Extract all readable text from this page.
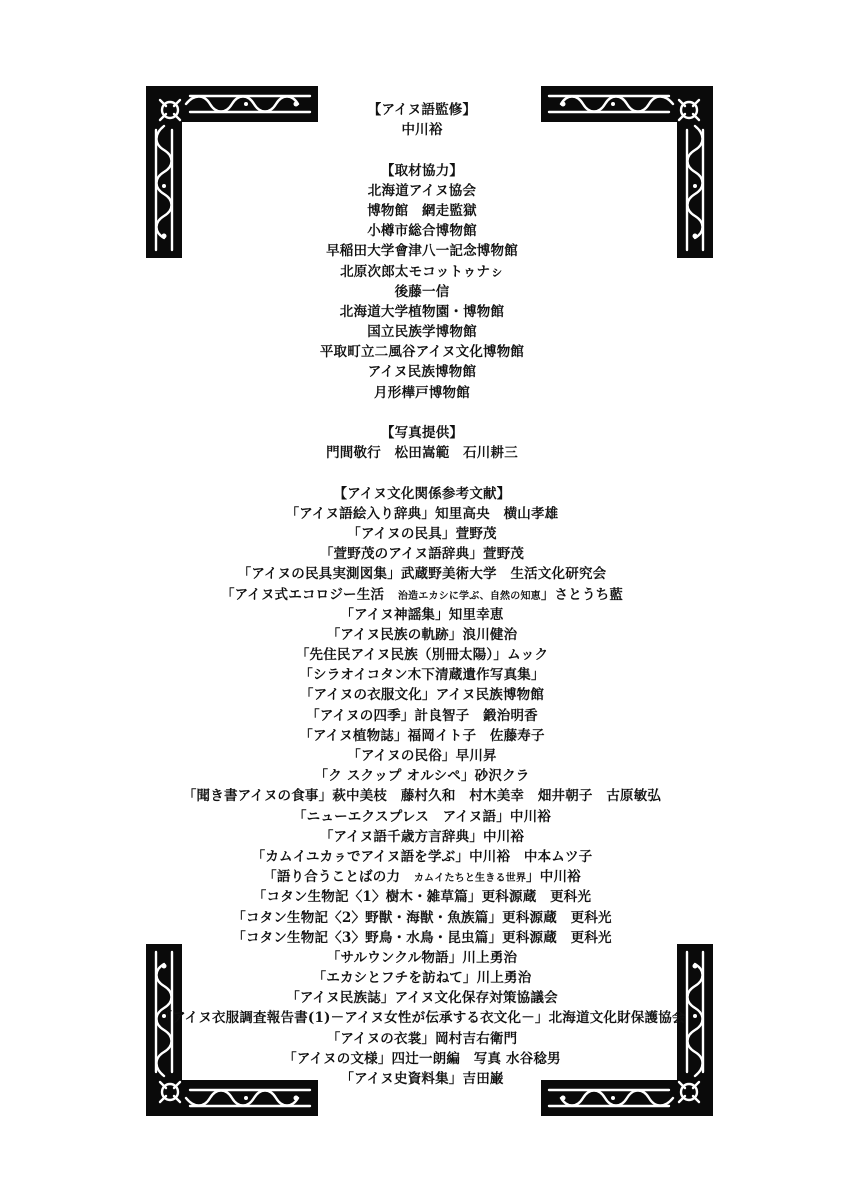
【アイヌ語監修】
中川裕
【取材協力】
北海道アイヌ協会
博物館　網走監獄
小樽市総合博物館
早稲田大学會津八一記念博物館
北原次郎太モコットゥナㇱ
後藤一信
北海道大学植物園・博物館
国立民族学博物館
平取町立二風谷アイヌ文化博物館
アイヌ民族博物館
月形樺戸博物館
【写真提供】
門間敬行　松田嵩範　石川耕三
【アイヌ文化関係参考文献】
「アイヌ語絵入り辞典」知里高央　横山孝雄
「アイヌの民具」萱野茂
「萱野茂のアイヌ語辞典」萱野茂
「アイヌの民具実測図集」武蔵野美術大学　生活文化研究会
「アイヌ式エコロジー生活　治造エカシに学ぶ、自然の知恵」さとうち藍
「アイヌ神謡集」知里幸恵
「アイヌ民族の軌跡」浪川健治
「先住民アイヌ民族（別冊太陽）」ムック
「シラオイコタン木下清蔵遺作写真集」
「アイヌの衣服文化」アイヌ民族博物館
「アイヌの四季」計良智子　鍛治明香
「アイヌ植物誌」福岡イト子　佐藤寿子
「アイヌの民俗」早川昇
「ク スクップ オルシペ」砂沢クラ
「聞き書アイヌの食事」萩中美枝　藤村久和　村木美幸　畑井朝子　古原敏弘
「ニューエクスプレス　アイヌ語」中川裕
「アイヌ語千歳方言辞典」中川裕
「カムイユカㇻでアイヌ語を学ぶ」中川裕　中本ムツ子
「語り合うことばの力　カムイたちと生きる世界」中川裕
「コタン生物記〈1〉樹木・雑草篇」更科源蔵　更科光
「コタン生物記〈2〉野獣・海獣・魚族篇」更科源蔵　更科光
「コタン生物記〈3〉野鳥・水鳥・昆虫篇」更科源蔵　更科光
「サルウンクル物語」川上勇治
「エカシとフチを訪ねて」川上勇治
「アイヌ民族誌」アイヌ文化保存対策協議会
「アイヌ衣服調査報告書(1)－アイヌ女性が伝承する衣文化－」北海道文化財保護協会
「アイヌの衣裳」岡村吉右衛門
「アイヌの文様」四辻一朗編　写真 水谷稔男
「アイヌ史資料集」吉田巌
